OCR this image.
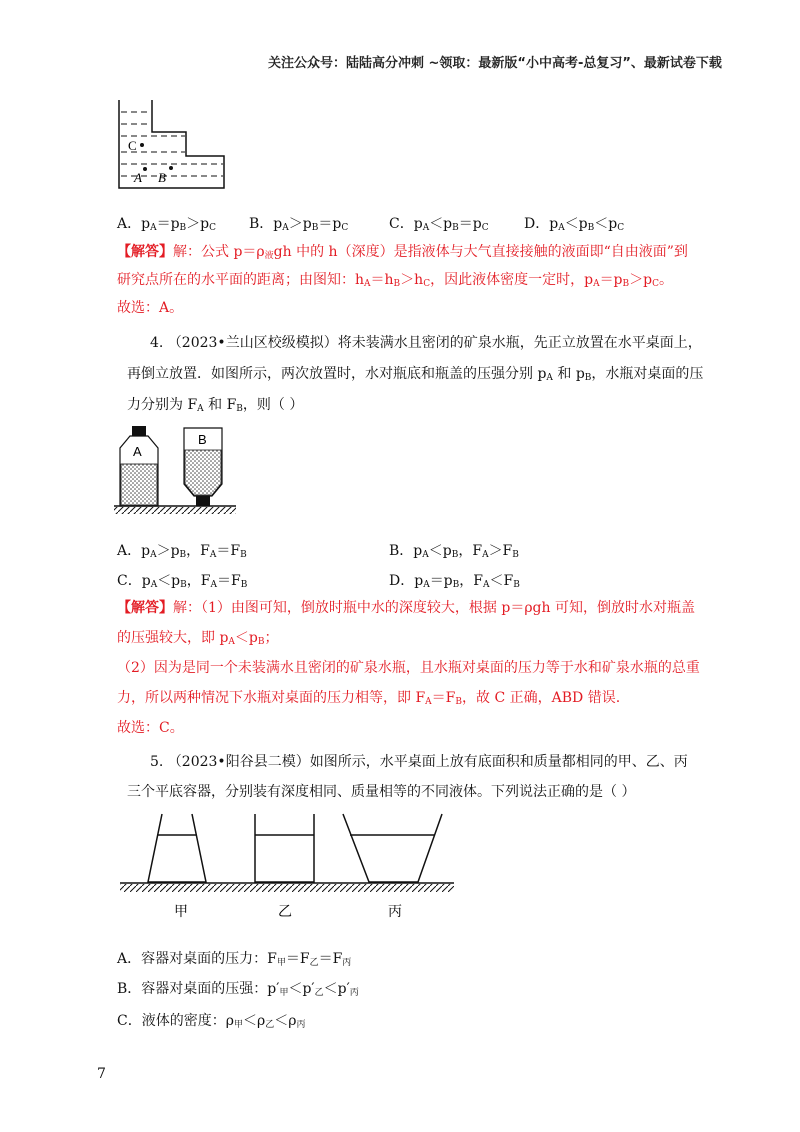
关注公众号：陆陆高分冲刺 ~领取：最新版“小中高考-总复习”、最新试卷下载
C
A B
A．$p_A=p_B>p_C$ B．$p_A>p_B=p_C$	C．$p_A<p_B=p_C$	D．$p_A<p_B<p_C$
【解答】解：公式 $p=\rho_液gh$ 中的 h（深度）是指液体与大气直接接触的液面即“自由液面”到
研究点所在的水平面的距离；由图知：$h_A=h_B>h_C$，因此液体密度一定时，$p_A=p_B>p_C$。
故选：A。
4. （2023•兰山区校级模拟）将未装满水且密闭的矿泉水瓶，先正立放置在水平桌面上，
再倒立放置．如图所示，两次放置时，水对瓶底和瓶盖的压强分别 $p_A$ 和 $p_B$，水瓶对桌面的压
力分别为 $F_A$ 和 $F_B$，则（ ）
A
B
A．$p_A>p_B$，$F_A=F_B$	B．$p_A<p_B$，$F_A>F_B$
C．$p_A<p_B$，$F_A=F_B$	D．$p_A=p_B$，$F_A<F_B$
【解答】解：（1）由图可知，倒放时瓶中水的深度较大，根据 p＝ρgh 可知，倒放时水对瓶盖
的压强较大，即 $p_A<p_B$；
（2）因为是同一个未装满水且密闭的矿泉水瓶，且水瓶对桌面的压力等于水和矿泉水瓶的总重
力，所以两种情况下水瓶对桌面的压力相等，即 $F_A=F_B$，故 C 正确，ABD 错误.
故选：C。
5. （2023•阳谷县二模）如图所示，水平桌面上放有底面积和质量都相同的甲、乙、丙
三个平底容器，分别装有深度相同、质量相等的不同液体。下列说法正确的是（ ）
甲	乙	丙
A．容器对桌面的压力：$F_甲=F_乙=F_丙$
B．容器对桌面的压强：$p'_甲<p'_乙<p'_丙$
C．液体的密度：$\rho_甲<\rho_乙<\rho_丙$
7
